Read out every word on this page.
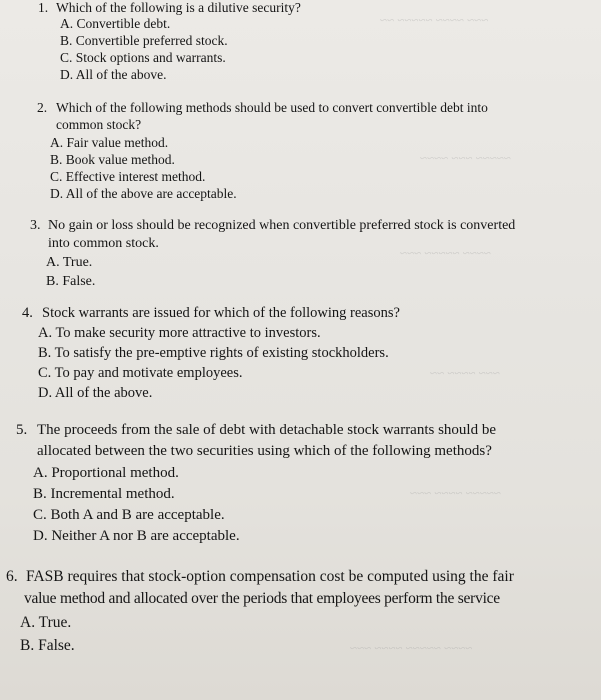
~~~ ~~~~ ~~~~~ ~~
~~~~~ ~~~ ~~~~
~~~~ ~~~~~ ~~~
~~~ ~~~~ ~~
~~~~~ ~~~~ ~~~
~~~~ ~~~~~ ~~~~ ~~~
1. Which of the following is a dilutive security?
A. Convertible debt.
B. Convertible preferred stock.
C. Stock options and warrants.
D. All of the above.
2. Which of the following methods should be used to convert convertible debt into
common stock?
A. Fair value method.
B. Book value method.
C. Effective interest method.
D. All of the above are acceptable.
3. No gain or loss should be recognized when convertible preferred stock is converted
into common stock.
A. True.
B. False.
4. Stock warrants are issued for which of the following reasons?
A. To make security more attractive to investors.
B. To satisfy the pre-emptive rights of existing stockholders.
C. To pay and motivate employees.
D. All of the above.
5. The proceeds from the sale of debt with detachable stock warrants should be
allocated between the two securities using which of the following methods?
A. Proportional method.
B. Incremental method.
C. Both A and B are acceptable.
D. Neither A nor B are acceptable.
6. FASB requires that stock-option compensation cost be computed using the fair
value method and allocated over the periods that employees perform the service
A. True.
B. False.
